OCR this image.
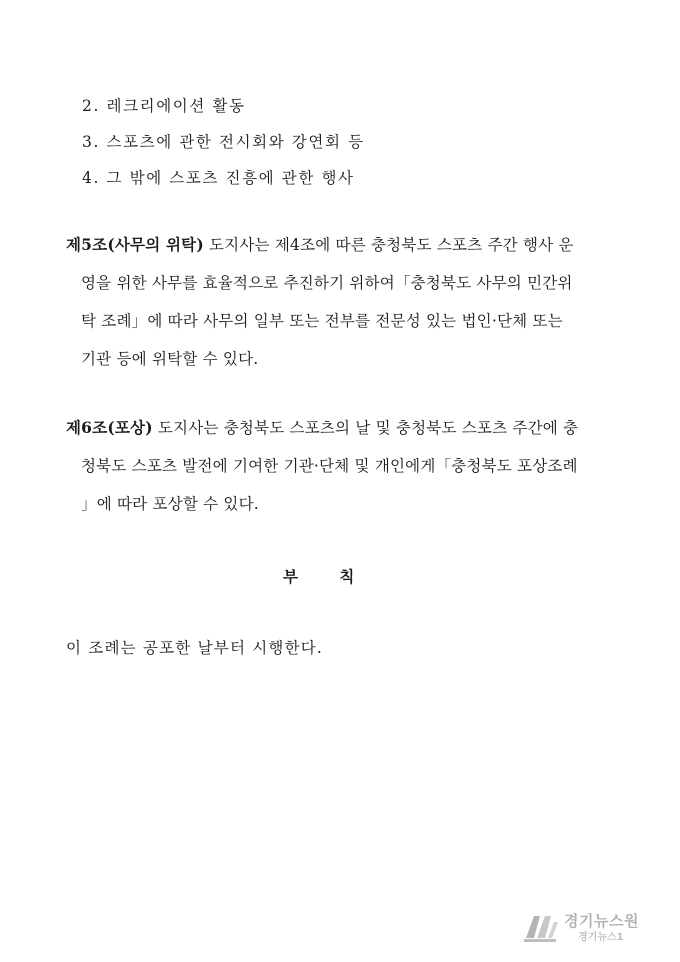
2. 레크리에이션 활동
3. 스포츠에 관한 전시회와 강연회 등
4. 그 밖에 스포츠 진흥에 관한 행사
제5조(사무의 위탁) 도지사는 제4조에 따른 충청북도 스포츠 주간 행사 운
영을 위한 사무를 효율적으로 추진하기 위하여「충청북도 사무의 민간위
탁 조례」에 따라 사무의 일부 또는 전부를 전문성 있는 법인·단체 또는
기관 등에 위탁할 수 있다.
제6조(포상) 도지사는 충청북도 스포츠의 날 및 충청북도 스포츠 주간에 충
청북도 스포츠 발전에 기여한 기관·단체 및 개인에게「충청북도 포상조례
」에 따라 포상할 수 있다.
부 칙
이 조례는 공포한 날부터 시행한다.
경기뉴스원
경기뉴스1
